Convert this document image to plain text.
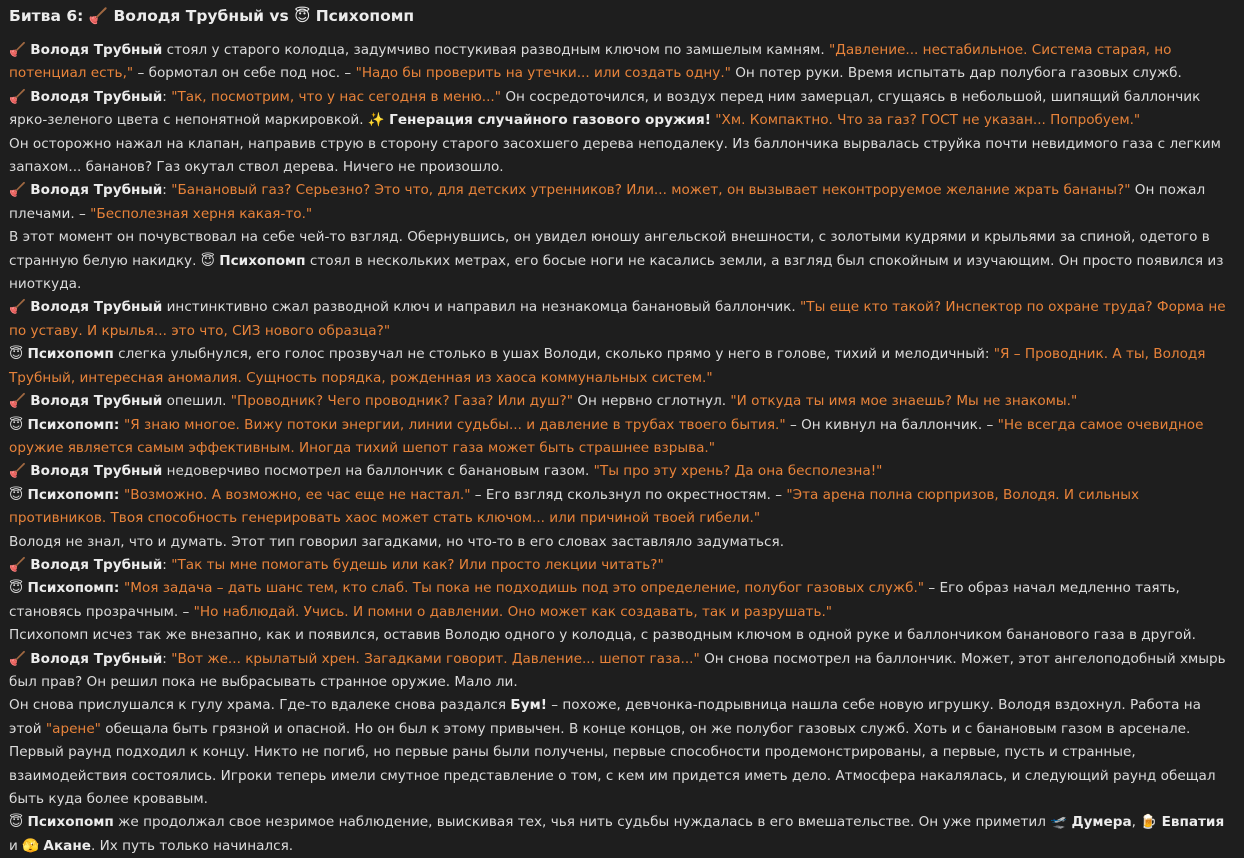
Битва 6: 🪠 Володя Трубный vs 😇 Психопомп

🪠 Володя Трубный стоял у старого колодца, задумчиво постукивая разводным ключом по замшелым камням. "Давление... нестабильное. Система старая, но потенциал есть," – бормотал он себе под нос. – "Надо бы проверить на утечки... или создать одну." Он потер руки. Время испытать дар полубога газовых служб.

🪠 Володя Трубный: "Так, посмотрим, что у нас сегодня в меню..." Он сосредоточился, и воздух перед ним замерцал, сгущаясь в небольшой, шипящий баллончик ярко-зеленого цвета с непонятной маркировкой. ✨ Генерация случайного газового оружия! "Хм. Компактно. Что за газ? ГОСТ не указан... Попробуем."

Он осторожно нажал на клапан, направив струю в сторону старого засохшего дерева неподалеку. Из баллончика вырвалась струйка почти невидимого газа с легким запахом... бананов? Газ окутал ствол дерева. Ничего не произошло.

🪠 Володя Трубный: "Банановый газ? Серьезно? Это что, для детских утренников? Или... может, он вызывает неконтроруемое желание жрать бананы?" Он пожал плечами. – "Бесполезная херня какая-то."

В этот момент он почувствовал на себе чей-то взгляд. Обернувшись, он увидел юношу ангельской внешности, с золотыми кудрями и крыльями за спиной, одетого в странную белую накидку. 😇 Психопомп стоял в нескольких метрах, его босые ноги не касались земли, а взгляд был спокойным и изучающим. Он просто появился из ниоткуда.

🪠 Володя Трубный инстинктивно сжал разводной ключ и направил на незнакомца банановый баллончик. "Ты еще кто такой? Инспектор по охране труда? Форма не по уставу. И крылья... это что, СИЗ нового образца?"

😇 Психопомп слегка улыбнулся, его голос прозвучал не столько в ушах Володи, сколько прямо у него в голове, тихий и мелодичный: "Я – Проводник. А ты, Володя Трубный, интересная аномалия. Сущность порядка, рожденная из хаоса коммунальных систем."

🪠 Володя Трубный опешил. "Проводник? Чего проводник? Газа? Или душ?" Он нервно сглотнул. "И откуда ты имя мое знаешь? Мы не знакомы."

😇 Психопомп: "Я знаю многое. Вижу потоки энергии, линии судьбы... и давление в трубах твоего бытия." – Он кивнул на баллончик. – "Не всегда самое очевидное оружие является самым эффективным. Иногда тихий шепот газа может быть страшнее взрыва."

🪠 Володя Трубный недоверчиво посмотрел на баллончик с банановым газом. "Ты про эту хрень? Да она бесполезна!"

😇 Психопомп: "Возможно. А возможно, ее час еще не настал." – Его взгляд скользнул по окрестностям. – "Эта арена полна сюрпризов, Володя. И сильных противников. Твоя способность генерировать хаос может стать ключом... или причиной твоей гибели."

Володя не знал, что и думать. Этот тип говорил загадками, но что-то в его словах заставляло задуматься.

🪠 Володя Трубный: "Так ты мне помогать будешь или как? Или просто лекции читать?"

😇 Психопомп: "Моя задача – дать шанс тем, кто слаб. Ты пока не подходишь под это определение, полубог газовых служб." – Его образ начал медленно таять, становясь прозрачным. – "Но наблюдай. Учись. И помни о давлении. Оно может как создавать, так и разрушать."

Психопомп исчез так же внезапно, как и появился, оставив Володю одного у колодца, с разводным ключом в одной руке и баллончиком бананового газа в другой.

🪠 Володя Трубный: "Вот же... крылатый хрен. Загадками говорит. Давление... шепот газа..." Он снова посмотрел на баллончик. Может, этот ангелоподобный хмырь был прав? Он решил пока не выбрасывать странное оружие. Мало ли.

Он снова прислушался к гулу храма. Где-то вдалеке снова раздался Бум! – похоже, девчонка-подрывница нашла себе новую игрушку. Володя вздохнул. Работа на этой "арене" обещала быть грязной и опасной. Но он был к этому привычен. В конце концов, он же полубог газовых служб. Хоть и с банановым газом в арсенале.

Первый раунд подходил к концу. Никто не погиб, но первые раны были получены, первые способности продемонстрированы, а первые, пусть и странные, взаимодействия состоялись. Игроки теперь имели смутное представление о том, с кем им придется иметь дело. Атмосфера накалялась, и следующий раунд обещал быть куда более кровавым.

😇 Психопомп же продолжал свое незримое наблюдение, выискивая тех, чья нить судьбы нуждалась в его вмешательстве. Он уже приметил 🛫 Думера, 🍺 Евпатия и 🫣 Акане. Их путь только начинался.
